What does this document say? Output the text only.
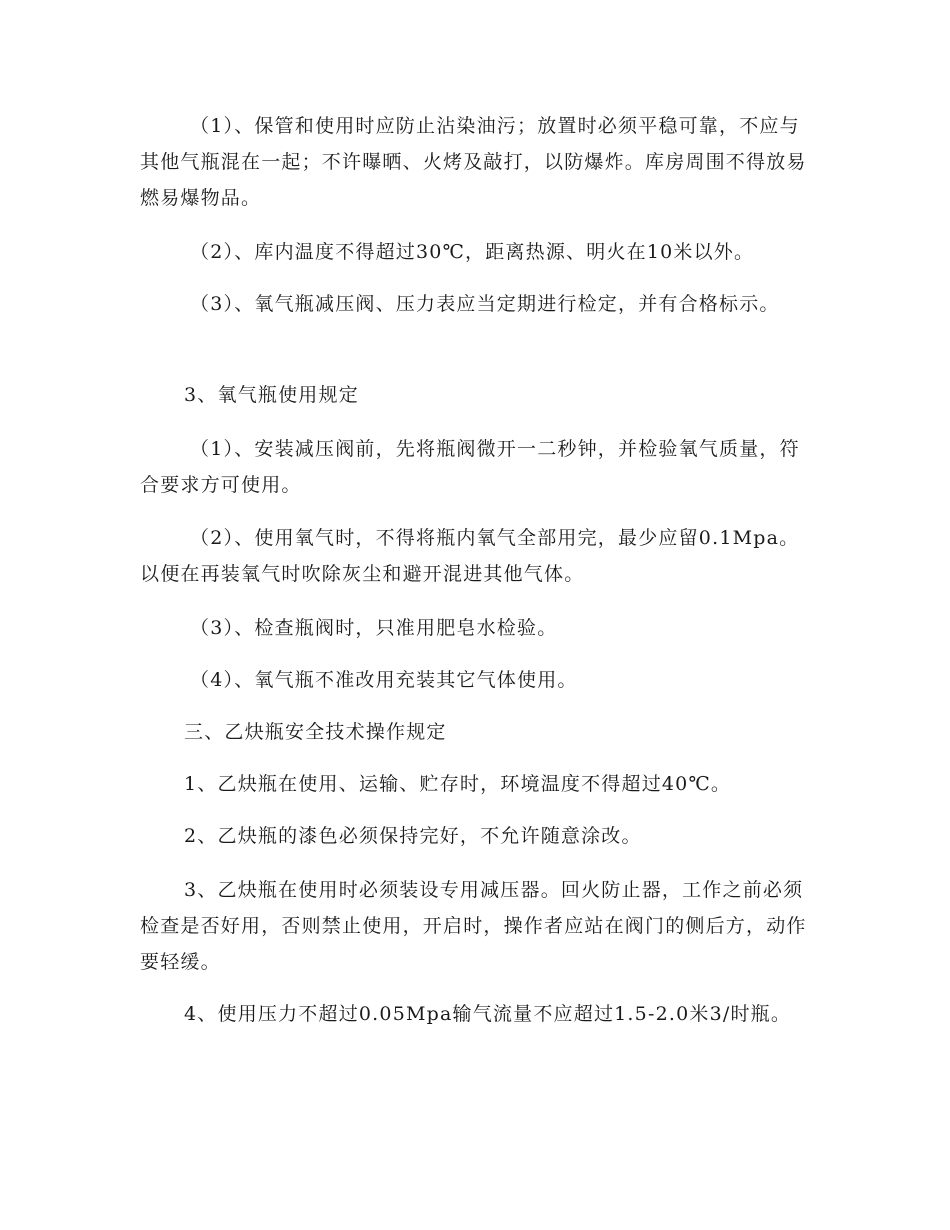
（1）、保管和使用时应防止沾染油污；放置时必须平稳可靠，不应与其他气瓶混在一起；不许曝晒、火烤及敲打，以防爆炸。库房周围不得放易燃易爆物品。

（2）、库内温度不得超过30℃，距离热源、明火在10米以外。

（3）、氧气瓶减压阀、压力表应当定期进行检定，并有合格标示。

3、氧气瓶使用规定

（1）、安装减压阀前，先将瓶阀微开一二秒钟，并检验氧气质量，符合要求方可使用。

（2）、使用氧气时，不得将瓶内氧气全部用完，最少应留0.1Mpa。以便在再装氧气时吹除灰尘和避开混进其他气体。

（3）、检查瓶阀时，只准用肥皂水检验。

（4）、氧气瓶不准改用充装其它气体使用。

三、乙炔瓶安全技术操作规定

1、乙炔瓶在使用、运输、贮存时，环境温度不得超过40℃。

2、乙炔瓶的漆色必须保持完好，不允许随意涂改。

3、乙炔瓶在使用时必须装设专用减压器。回火防止器，工作之前必须检查是否好用，否则禁止使用，开启时，操作者应站在阀门的侧后方，动作要轻缓。

4、使用压力不超过0.05Mpa输气流量不应超过1.5-2.0米3/时瓶。
